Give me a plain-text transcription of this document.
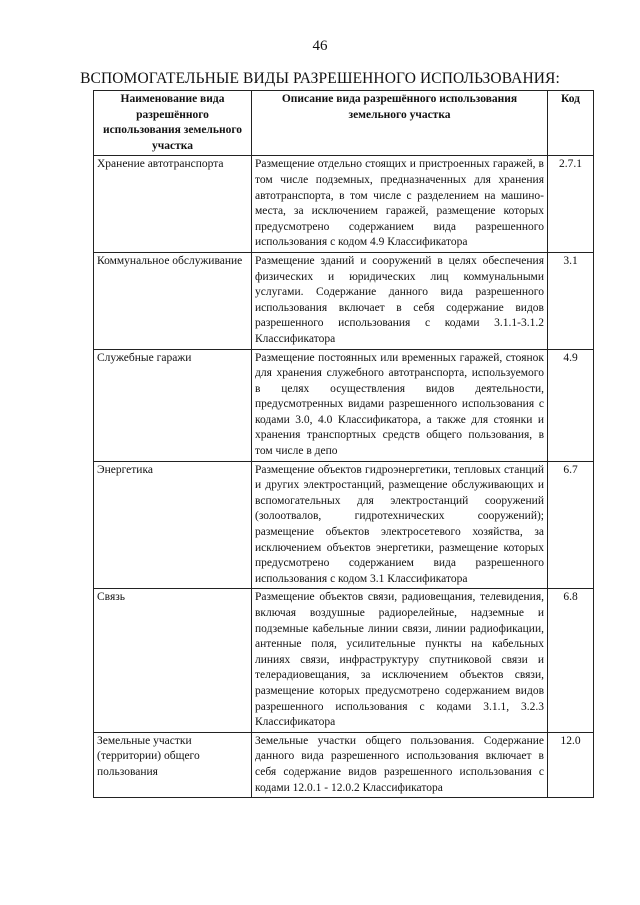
46
ВСПОМОГАТЕЛЬНЫЕ ВИДЫ РАЗРЕШЕННОГО ИСПОЛЬЗОВАНИЯ:
Наименование вида разрешённого использования земельного участка	Описание вида разрешённого использования земельного участка	Код
Хранение автотранспорта	Размещение отдельно стоящих и пристроенных гаражей, в том числе подземных, предназначенных для хранения автотранспорта, в том числе с разделением на машино-места, за исключением гаражей, размещение которых предусмотрено содержанием вида разрешенного использования с кодом 4.9 Классификатора	2.7.1
Коммунальное обслуживание	Размещение зданий и сооружений в целях обеспечения физических и юридических лиц коммунальными услугами. Содержание данного вида разрешенного использования включает в себя содержание видов разрешенного использования с кодами 3.1.1-3.1.2 Классификатора	3.1
Служебные гаражи	Размещение постоянных или временных гаражей, стоянок для хранения служебного автотранспорта, используемого в целях осуществления видов деятельности, предусмотренных видами разрешенного использования с кодами 3.0, 4.0 Классификатора, а также для стоянки и хранения транспортных средств общего пользования, в том числе в депо	4.9
Энергетика	Размещение объектов гидроэнергетики, тепловых станций и других электростанций, размещение обслуживающих и вспомогательных для электростанций сооружений (золоотвалов, гидротехнических сооружений); размещение объектов электросетевого хозяйства, за исключением объектов энергетики, размещение которых предусмотрено содержанием вида разрешенного использования с кодом 3.1 Классификатора	6.7
Связь	Размещение объектов связи, радиовещания, телевидения, включая воздушные радиорелейные, надземные и подземные кабельные линии связи, линии радиофикации, антенные поля, усилительные пункты на кабельных линиях связи, инфраструктуру спутниковой связи и телерадиовещания, за исключением объектов связи, размещение которых предусмотрено содержанием видов разрешенного использования с кодами 3.1.1, 3.2.3 Классификатора	6.8
Земельные участки (территории) общего пользования	Земельные участки общего пользования. Содержание данного вида разрешенного использования включает в себя содержание видов разрешенного использования с кодами 12.0.1 - 12.0.2 Классификатора	12.0
